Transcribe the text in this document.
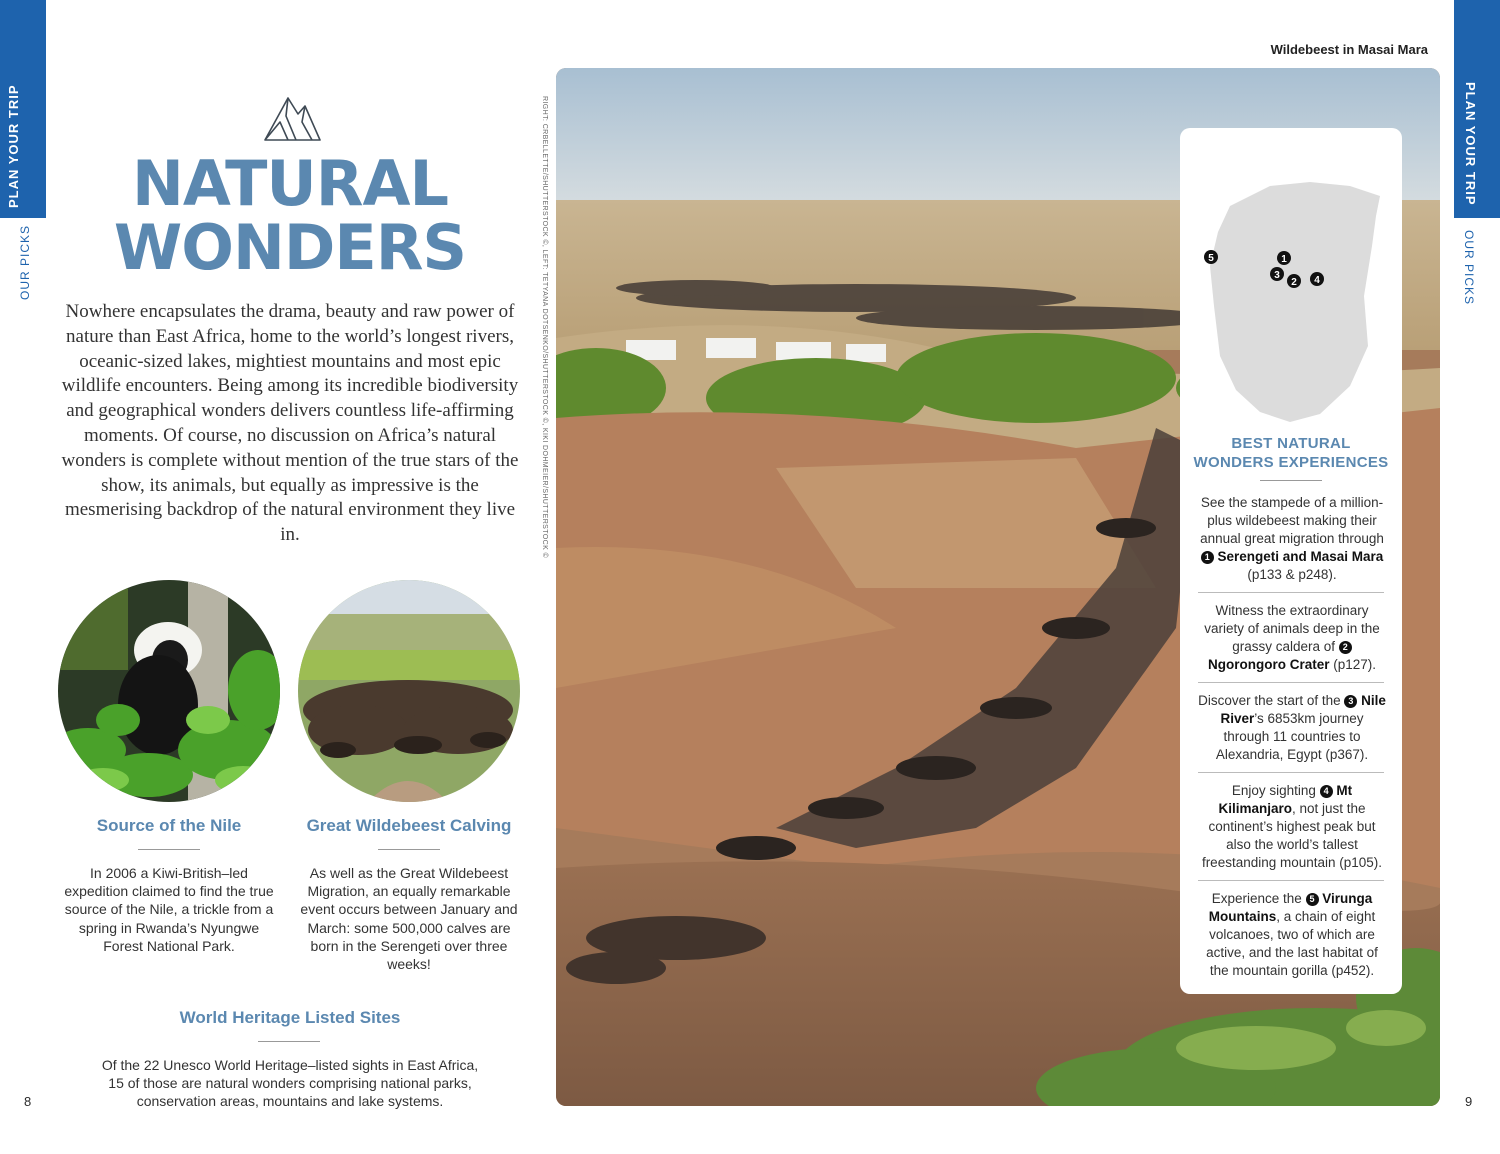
PLAN YOUR TRIP
OUR PICKS
PLAN YOUR TRIP
OUR PICKS
8	9
RIGHT: CRBELLETTE/SHUTTERSTOCK ©, LEFT: TETYANA DOTSENKO/SHUTTERSTOCK ©, KIKI DOHMEIER/SHUTTERSTOCK ©
NATURAL
WONDERS
Nowhere encapsulates the drama, beauty and raw power of nature than East Africa, home to the world’s longest rivers, oceanic-sized lakes, mightiest mountains and most epic wildlife encounters. Being among its incredible biodiversity and geographical wonders delivers countless life-affirming moments. Of course, no discussion on Africa’s natural wonders is complete without mention of the true stars of the show, its animals, but equally as impressive is the mesmerising backdrop of the natural environment they live in.
Source of the Nile
In 2006 a Kiwi-British–led expedition claimed to find the true source of the Nile, a trickle from a spring in Rwanda’s Nyungwe Forest National Park.
Great Wildebeest Calving
As well as the Great Wildebeest Migration, an equally remarkable event occurs between January and March: some 500,000 calves are born in the Serengeti over three weeks!
World Heritage Listed Sites
Of the 22 Unesco World Heritage–listed sights in East Africa, 15 of those are natural wonders comprising national parks, conservation areas, mountains and lake systems.
Wildebeest in Masai Mara
5	1
3
2 4
BEST NATURAL
WONDERS EXPERIENCES
See the stampede of a million-plus wildebeest making their annual great migration through 1 Serengeti and Masai Mara (p133 & p248).
Witness the extraordinary variety of animals deep in the grassy caldera of 2 Ngorongoro Crater (p127).
Discover the start of the 3 Nile River’s 6853km journey through 11 countries to Alexandria, Egypt (p367).
Enjoy sighting 4 Mt Kilimanjaro, not just the continent’s highest peak but also the world’s tallest freestanding mountain (p105).
Experience the 5 Virunga Mountains, a chain of eight volcanoes, two of which are active, and the last habitat of the mountain gorilla (p452).
